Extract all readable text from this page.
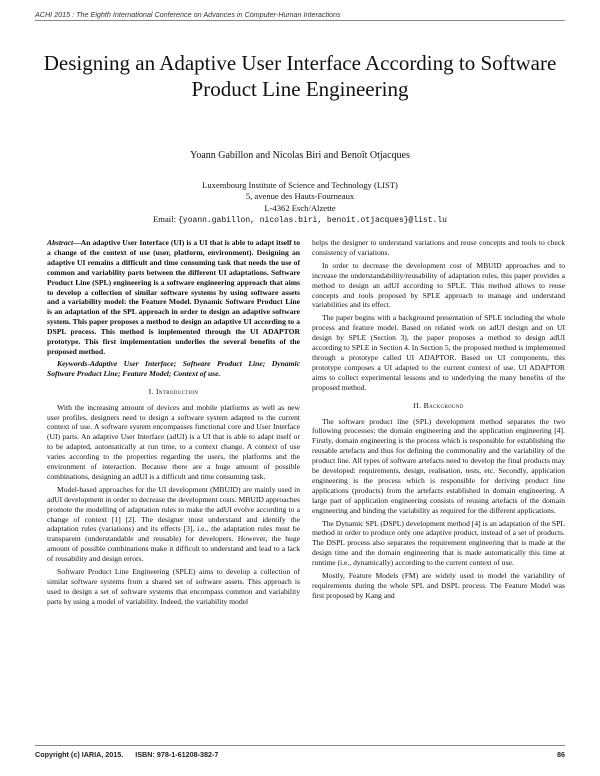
ACHI 2015 : The Eighth International Conference on Advances in Computer-Human Interactions
Designing an Adaptive User Interface According to Software Product Line Engineering
Yoann Gabillon and Nicolas Biri and Benoît Otjacques
Luxembourg Institute of Science and Technology (LIST)
5, avenue des Hauts-Fourneaux
L-4362 Esch/Alzette
Email: {yoann.gabillon, nicolas.biri, benoit.otjacques}@list.lu

Abstract—An adaptive User Interface (UI) is a UI that is able to adapt itself to a change of the context of use (user, platform, environment). Designing an adaptive UI remains a difficult and time consuming task that needs the use of common and variability parts between the different UI adaptations. Software Product Line (SPL) engineering is a software engineering approach that aims to develop a collection of similar software systems by using software assets and a variability model: the Feature Model. Dynamic Software Product Line is an adaptation of the SPL approach in order to design an adaptive software system. This paper proposes a method to design an adaptive UI according to a DSPL process. This method is implemented through the UI ADAPTOR prototype. This first implementation underlies the several benefits of the proposed method.

Keywords-Adaptive User Interface; Software Product Line; Dynamic Software Product Line; Feature Model; Context of use.

I. Introduction

With the increasing amount of devices and mobile platforms as well as new user profiles, designers need to design a software system adapted to the current context of use. A software system encompasses functional core and User Interface (UI) parts. An adaptive User Interface (adUI) is a UI that is able to adapt itself or to be adapted, automatically at run time, to a context change. A context of use varies according to the properties regarding the users, the platforms and the environment of interaction. Because there are a huge amount of possible combinations, designing an adUI is a difficult and time consuming task.

Model-based approaches for the UI development (MBUID) are mainly used in adUI development in order to decrease the development costs. MBUID approaches promote the modelling of adaptation rules to make the adUI evolve according to a change of context [1] [2]. The designer must understand and identify the adaptation rules (variations) and its effects [3], i.e., the adaptation rules must be transparent (understandable and reusable) for developers. However, the huge amount of possible combinations make it difficult to understand and lead to a lack of reusability and design errors.

Software Product Line Engineering (SPLE) aims to develop a collection of similar software systems from a shared set of software assets. This approach is used to design a set of software systems that encompass common and variability parts by using a model of variability. Indeed, the variability model

helps the designer to understand variations and reuse concepts and tools to check consistency of variations.

In order to decrease the development cost of MBUID approaches and to increase the understandability/reusability of adaptation rules, this paper provides a method to design an adUI according to SPLE. This method allows to reuse concepts and tools proposed by SPLE approach to manage and understand variabilities and its effect.

The paper begins with a background presentation of SPLE including the whole process and feature model. Based on related work on adUI design and on UI design by SPLE (Section 3), the paper proposes a method to design adUI according to SPLE in Section 4. In Section 5, the proposed method is implemented through a prototype called UI ADAPTOR. Based on UI components, this prototype composes a UI adapted to the current context of use. UI ADAPTOR aims to collect experimental lessons and to underlying the many benefits of the proposed method.

II. Background

The software product line (SPL) development method separates the two following processes: the domain engineering and the application engineering [4]. Firstly, domain engineering is the process which is responsible for establishing the reusable artefacts and thus for defining the commonality and the variability of the product line. All types of software artefacts need to develop the final products may be developed: requirements, design, realisation, tests, etc. Secondly, application engineering is the process which is responsible for deriving product line applications (products) from the artefacts established in domain engineering. A large part of application engineering consists of reusing artefacts of the domain engineering and binding the variability as required for the different applications.

The Dynamic SPL (DSPL) development method [4] is an adaptation of the SPL method in order to produce only one adaptive product, instead of a set of products. The DSPL process also separates the requirement engineering that is made at the design time and the domain engineering that is made automatically this time at runtime (i.e., dynamically) according to the current context of use.

Mostly, Feature Models (FM) are widely used to model the variability of requirements during the whole SPL and DSPL process. The Feature Model was first proposed by Kang and

Copyright (c) IARIA, 2015. ISBN: 978-1-61208-382-7	86
